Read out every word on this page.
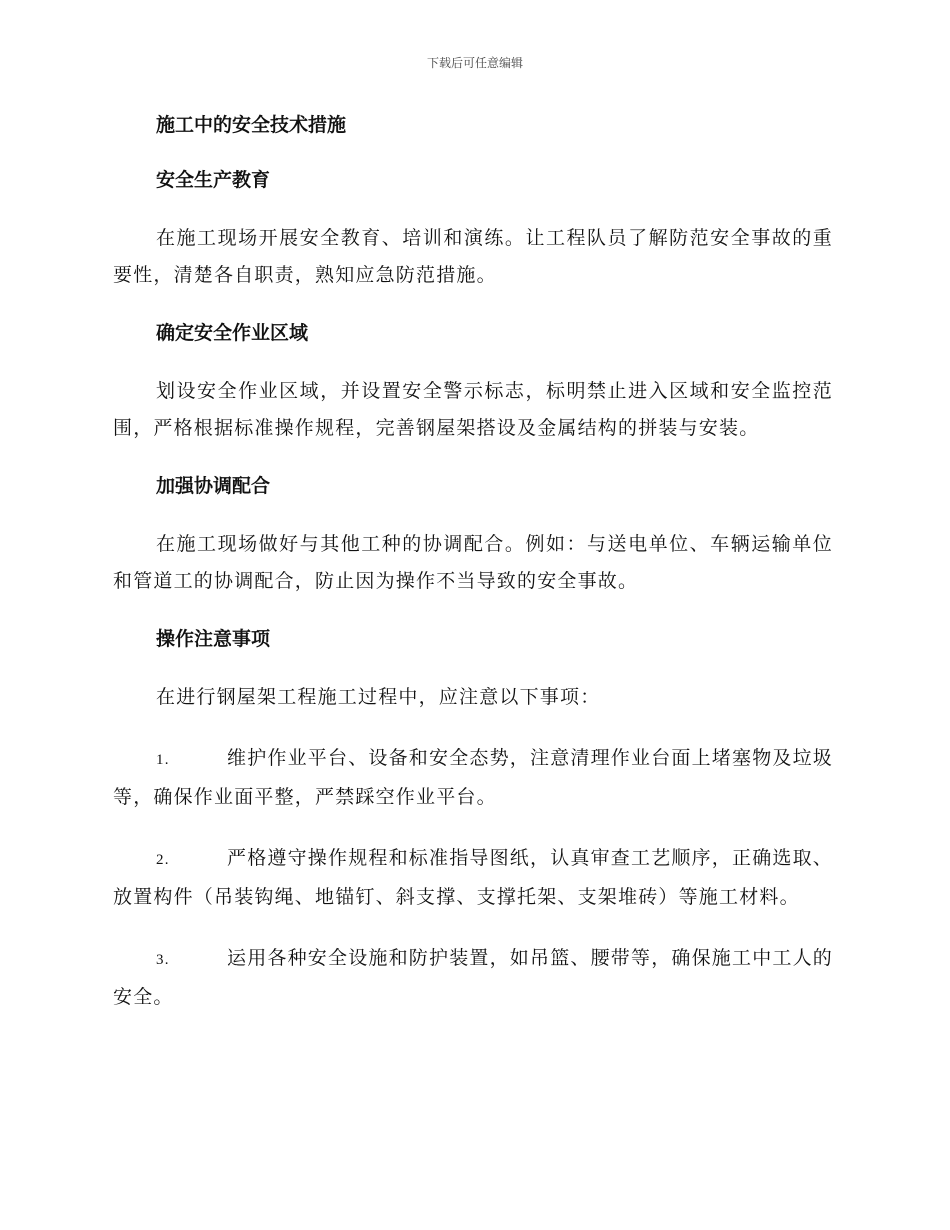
下载后可任意编辑
施工中的安全技术措施
安全生产教育

在施工现场开展安全教育、培训和演练。让工程队员了解防范安全事故的重要性，清楚各自职责，熟知应急防范措施。

确定安全作业区域

划设安全作业区域，并设置安全警示标志，标明禁止进入区域和安全监控范围，严格根据标准操作规程，完善钢屋架搭设及金属结构的拼装与安装。

加强协调配合

在施工现场做好与其他工种的协调配合。例如：与送电单位、车辆运输单位和管道工的协调配合，防止因为操作不当导致的安全事故。

操作注意事项

在进行钢屋架工程施工过程中，应注意以下事项：

1.	维护作业平台、设备和安全态势，注意清理作业台面上堵塞物及垃圾等，确保作业面平整，严禁踩空作业平台。

2.	严格遵守操作规程和标准指导图纸，认真审查工艺顺序，正确选取、放置构件（吊装钩绳、地锚钉、斜支撑、支撑托架、支架堆砖）等施工材料。

3.	运用各种安全设施和防护装置，如吊篮、腰带等，确保施工中工人的安全。
